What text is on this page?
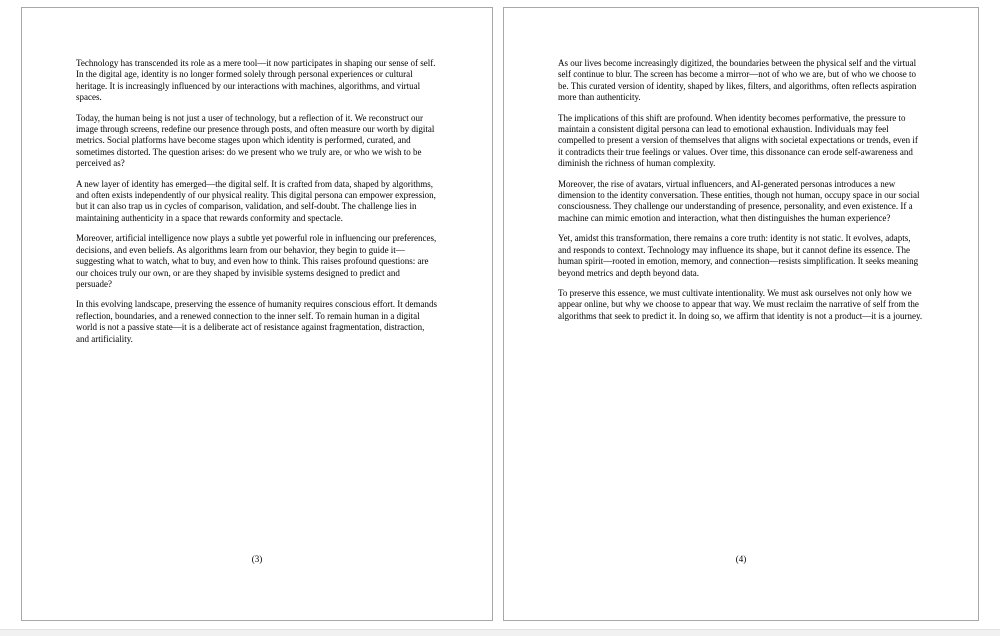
Technology has transcended its role as a mere tool—it now participates in shaping our sense of self. In the digital age, identity is no longer formed solely through personal experiences or cultural heritage. It is increasingly influenced by our interactions with machines, algorithms, and virtual spaces.

Today, the human being is not just a user of technology, but a reflection of it. We reconstruct our image through screens, redefine our presence through posts, and often measure our worth by digital metrics. Social platforms have become stages upon which identity is performed, curated, and sometimes distorted. The question arises: do we present who we truly are, or who we wish to be perceived as?

A new layer of identity has emerged—the digital self. It is crafted from data, shaped by algorithms, and often exists independently of our physical reality. This digital persona can empower expression, but it can also trap us in cycles of comparison, validation, and self-doubt. The challenge lies in maintaining authenticity in a space that rewards conformity and spectacle.

Moreover, artificial intelligence now plays a subtle yet powerful role in influencing our preferences, decisions, and even beliefs. As algorithms learn from our behavior, they begin to guide it—suggesting what to watch, what to buy, and even how to think. This raises profound questions: are our choices truly our own, or are they shaped by invisible systems designed to predict and persuade?

In this evolving landscape, preserving the essence of humanity requires conscious effort. It demands reflection, boundaries, and a renewed connection to the inner self. To remain human in a digital world is not a passive state—it is a deliberate act of resistance against fragmentation, distraction, and artificiality.

(3)

As our lives become increasingly digitized, the boundaries between the physical self and the virtual self continue to blur. The screen has become a mirror—not of who we are, but of who we choose to be. This curated version of identity, shaped by likes, filters, and algorithms, often reflects aspiration more than authenticity.

The implications of this shift are profound. When identity becomes performative, the pressure to maintain a consistent digital persona can lead to emotional exhaustion. Individuals may feel compelled to present a version of themselves that aligns with societal expectations or trends, even if it contradicts their true feelings or values. Over time, this dissonance can erode self-awareness and diminish the richness of human complexity.

Moreover, the rise of avatars, virtual influencers, and AI-generated personas introduces a new dimension to the identity conversation. These entities, though not human, occupy space in our social consciousness. They challenge our understanding of presence, personality, and even existence. If a machine can mimic emotion and interaction, what then distinguishes the human experience?

Yet, amidst this transformation, there remains a core truth: identity is not static. It evolves, adapts, and responds to context. Technology may influence its shape, but it cannot define its essence. The human spirit—rooted in emotion, memory, and connection—resists simplification. It seeks meaning beyond metrics and depth beyond data.

To preserve this essence, we must cultivate intentionality. We must ask ourselves not only how we appear online, but why we choose to appear that way. We must reclaim the narrative of self from the algorithms that seek to predict it. In doing so, we affirm that identity is not a product—it is a journey.

(4)
